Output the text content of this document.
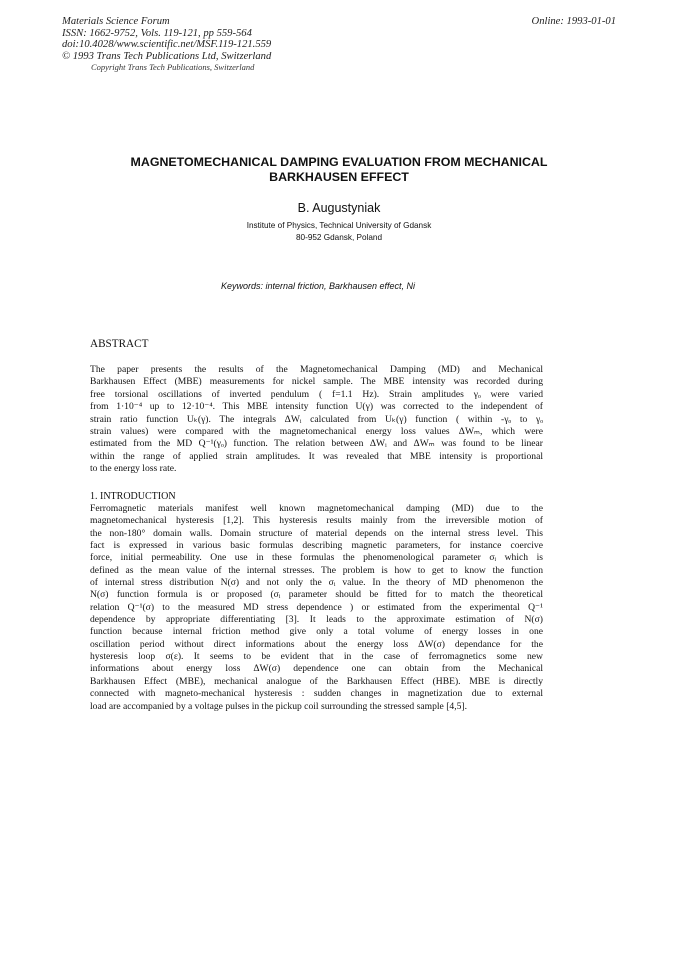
Materials Science Forum
ISSN: 1662-9752, Vols. 119-121, pp 559-564
doi:10.4028/www.scientific.net/MSF.119-121.559
© 1993 Trans Tech Publications Ltd, Switzerland
Online: 1993-01-01
Copyright Trans Tech Publications, Switzerland
MAGNETOMECHANICAL DAMPING EVALUATION FROM MECHANICAL
BARKHAUSEN EFFECT
B. Augustyniak
Institute of Physics, Technical University of Gdansk
80-952 Gdansk, Poland
Keywords: internal friction, Barkhausen effect, Ni
ABSTRACT
The paper presents the results of the Magnetomechanical Damping (MD) and Mechanical
Barkhausen Effect (MBE) measurements for nickel sample. The MBE intensity was recorded during
free torsional oscillations of inverted pendulum ( f=1.1 Hz). Strain amplitudes γₒ were varied
from 1·10⁻⁴ up to 12·10⁻⁴. This MBE intensity function U(γ) was corrected to the independent of
strain ratio function Uₖ(γ). The integrals ΔWᵢ calculated from Uₖ(γ) function ( within -γₒ to γₒ
strain values) were compared with the magnetomechanical energy loss values ΔWₘ, which were
estimated from the MD Q⁻¹(γₒ) function. The relation between ΔWᵢ and ΔWₘ was found to be linear
within the range of applied strain amplitudes. It was revealed that MBE intensity is proportional
to the energy loss rate.
1. INTRODUCTION
Ferromagnetic materials manifest well known magnetomechanical damping (MD) due to the
magnetomechanical hysteresis [1,2]. This hysteresis results mainly from the irreversible motion of
the non-180° domain walls. Domain structure of material depends on the internal stress level. This
fact is expressed in various basic formulas describing magnetic parameters, for instance coercive
force, initial permeability. One use in these formulas the phenomenological parameter σᵢ which is
defined as the mean value of the internal stresses. The problem is how to get to know the function
of internal stress distribution N(σ) and not only the σᵢ value. In the theory of MD phenomenon the
N(σ) function formula is or proposed (σᵢ parameter should be fitted for to match the theoretical
relation Q⁻¹(σ) to the measured MD stress dependence ) or estimated from the experimental Q⁻¹
dependence by appropriate differentiating [3]. It leads to the approximate estimation of N(σ)
function because internal friction method give only a total volume of energy losses in one
oscillation period without direct informations about the energy loss ΔW(σ) dependance for the
hysteresis loop σ(ε). It seems to be evident that in the case of ferromagnetics some new
informations about energy loss ΔW(σ) dependence one can obtain from the Mechanical
Barkhausen Effect (MBE), mechanical analogue of the Barkhausen Effect (HBE). MBE is directly
connected with magneto-mechanical hysteresis : sudden changes in magnetization due to external
load are accompanied by a voltage pulses in the pickup coil surrounding the stressed sample [4,5].
